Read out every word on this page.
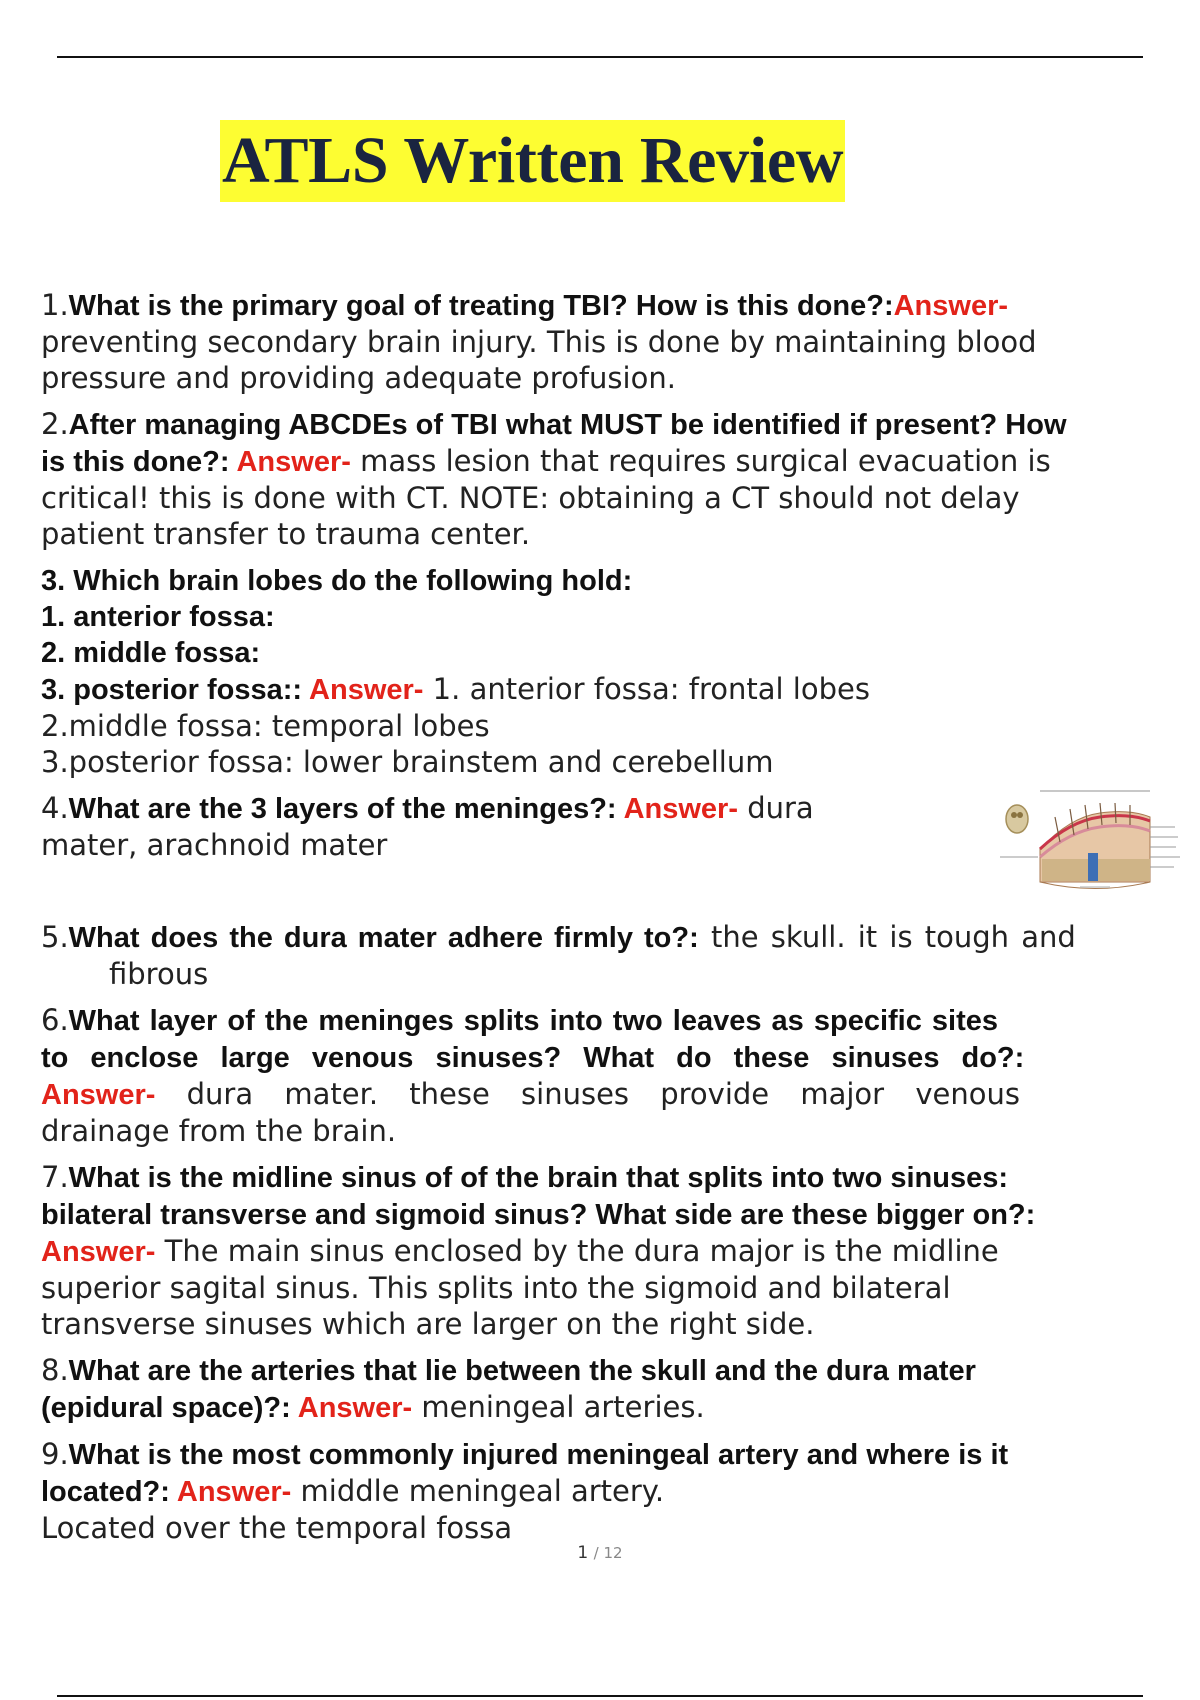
ATLS Written Review
1.What is the primary goal of treating TBI? How is this done?:Answer-
preventing secondary brain injury. This is done by maintaining blood
pressure and providing adequate profusion.
2.After managing ABCDEs of TBI what MUST be identified if present? How
is this done?: Answer- mass lesion that requires surgical evacuation is
critical! this is done with CT. NOTE: obtaining a CT should not delay
patient transfer to trauma center.
3. Which brain lobes do the following hold:
1. anterior fossa:
2. middle fossa:
3. posterior fossa:: Answer- 1. anterior fossa: frontal lobes
2.middle fossa: temporal lobes
3.posterior fossa: lower brainstem and cerebellum
4.What are the 3 layers of the meninges?: Answer- dura
mater, arachnoid mater
5.What does the dura mater adhere firmly to?: the skull. it is tough and
fibrous
6.What layer of the meninges splits into two leaves as specific sites
to enclose large venous sinuses? What do these sinuses do?:
Answer- dura mater. these sinuses provide major venous
drainage from the brain.
7.What is the midline sinus of of the brain that splits into two sinuses:
bilateral transverse and sigmoid sinus? What side are these bigger on?:
Answer- The main sinus enclosed by the dura major is the midline
superior sagital sinus. This splits into the sigmoid and bilateral
transverse sinuses which are larger on the right side.
8.What are the arteries that lie between the skull and the dura mater
(epidural space)?: Answer- meningeal arteries.
9.What is the most commonly injured meningeal artery and where is it
located?: Answer- middle meningeal artery.
Located over the temporal fossa
1 / 12
